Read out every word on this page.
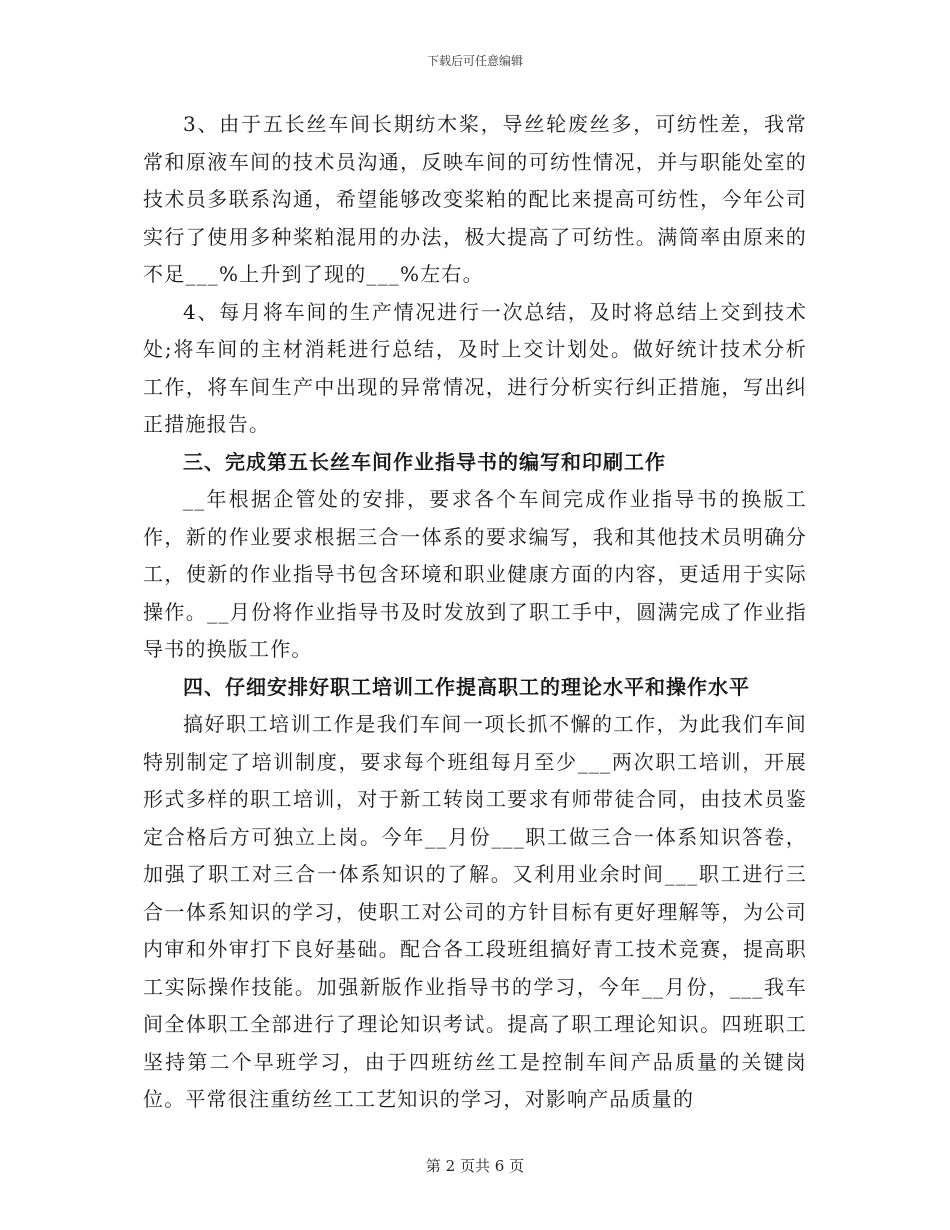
下载后可任意编辑

3、由于五长丝车间长期纺木桨，导丝轮废丝多，可纺性差，我常常和原液车间的技术员沟通，反映车间的可纺性情况，并与职能处室的技术员多联系沟通，希望能够改变桨粕的配比来提高可纺性，今年公司实行了使用多种桨粕混用的办法，极大提高了可纺性。满筒率由原来的不足___%上升到了现的___%左右。

4、每月将车间的生产情况进行一次总结，及时将总结上交到技术处;将车间的主材消耗进行总结，及时上交计划处。做好统计技术分析工作，将车间生产中出现的异常情况，进行分析实行纠正措施，写出纠正措施报告。

三、完成第五长丝车间作业指导书的编写和印刷工作

__年根据企管处的安排，要求各个车间完成作业指导书的换版工作，新的作业要求根据三合一体系的要求编写，我和其他技术员明确分工，使新的作业指导书包含环境和职业健康方面的内容，更适用于实际操作。__月份将作业指导书及时发放到了职工手中，圆满完成了作业指导书的换版工作。

四、仔细安排好职工培训工作提高职工的理论水平和操作水平

搞好职工培训工作是我们车间一项长抓不懈的工作，为此我们车间特别制定了培训制度，要求每个班组每月至少___两次职工培训，开展形式多样的职工培训，对于新工转岗工要求有师带徒合同，由技术员鉴定合格后方可独立上岗。今年__月份___职工做三合一体系知识答卷，加强了职工对三合一体系知识的了解。又利用业余时间___职工进行三合一体系知识的学习，使职工对公司的方针目标有更好理解等，为公司内审和外审打下良好基础。配合各工段班组搞好青工技术竞赛，提高职工实际操作技能。加强新版作业指导书的学习，今年__月份，___我车间全体职工全部进行了理论知识考试。提高了职工理论知识。四班职工坚持第二个早班学习，由于四班纺丝工是控制车间产品质量的关键岗位。平常很注重纺丝工工艺知识的学习，对影响产品质量的

第 2 页共 6 页
